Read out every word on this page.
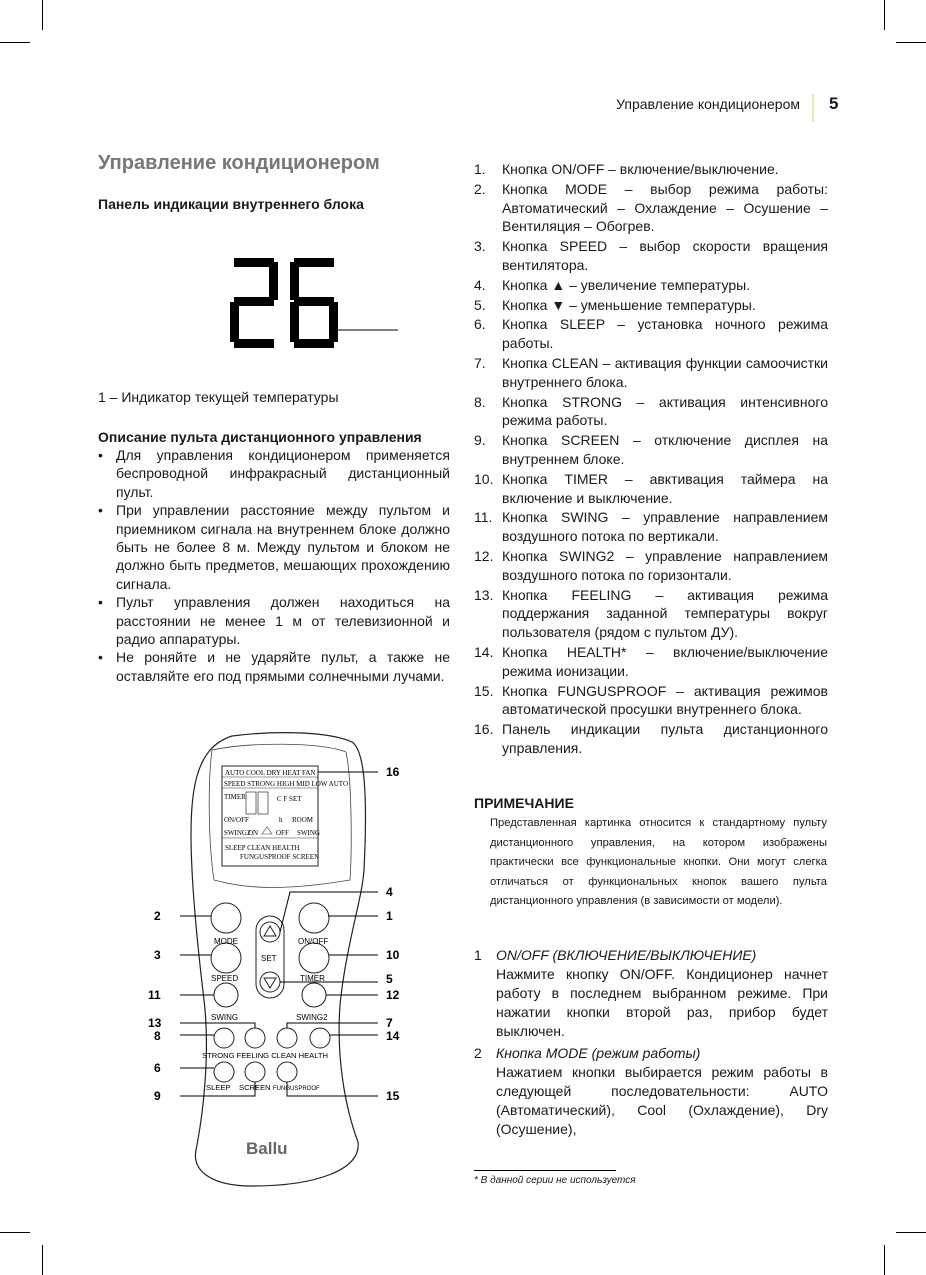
Управление кондиционером 5
Управление кондиционером
Панель индикации внутреннего блока
26
1 – Индикатор текущей температуры
Описание пульта дистанционного управления
• Для управления кондиционером применяется беспроводной инфракрасный дистанционный пульт.
• При управлении расстояние между пультом и приемником сигнала на внутреннем блоке должно быть не более 8 м. Между пультом и блоком не должно быть предметов, мешающих прохождению сигнала.
• Пульт управления должен находиться на расстоянии не менее 1 м от телевизионной и радио аппаратуры.
• Не роняйте и не ударяйте пульт, а также не оставляйте его под прямыми солнечными лучами.
AUTO COOL DRY HEAT FAN
SPEED STRONG HIGH MID LOW AUTO
TIMER	C F SET
ON/OFF	h ROOM
SWING2
ON	OFF SWING
SLEEP CLEAN HEALTH
FUNGUSPROOF SCREEN
SET
MODE	ON/OFF
SPEED	TIMER
SWING	SWING2
STRONG FEELING CLEAN HEALTH
SLEEP SCREEN FUNGUSPROOF
Ballu
16
4
1
2
3	10
5
11	12
13	7
8	14
6
9	15
1. Кнопка ON/OFF – включение/выключение.
2. Кнопка MODE – выбор режима работы: Автоматический – Охлаждение – Осушение – Вентиляция – Обогрев.
3. Кнопка SPEED – выбор скорости вращения вентилятора.
4. Кнопка ▲ – увеличение температуры.
5. Кнопка ▼ – уменьшение температуры.
6. Кнопка SLEEP – установка ночного режима работы.
7. Кнопка CLEAN – активация функции самоочистки внутреннего блока.
8. Кнопка STRONG – активация интенсивного режима работы.
9. Кнопка SCREEN – отключение дисплея на внутреннем блоке.
10. Кнопка TIMER – авктивация таймера на включение и выключение.
11. Кнопка SWING – управление направлением воздушного потока по вертикали.
12. Кнопка SWING2 – управление направлением воздушного потока по горизонтали.
13. Кнопка FEELING – активация режима поддержания заданной температуры вокруг пользователя (рядом с пультом ДУ).
14. Кнопка HEALTH* – включение/выключение режима ионизации.
15. Кнопка FUNGUSPROOF – активация режимов автоматической просушки внутреннего блока.
16. Панель индикации пульта дистанционного управления.
ПРИМЕЧАНИЕ
Представленная картинка относится к стандартному пульту дистанционного управления, на котором изображены практически все функциональные кнопки. Они могут слегка отличаться от функциональных кнопок вашего пульта дистанционного управления (в зависимости от модели).
1 ON/OFF (ВКЛЮЧЕНИЕ/ВЫКЛЮЧЕНИЕ)
Нажмите кнопку ON/OFF. Кондиционер начнет работу в последнем выбранном режиме. При нажатии кнопки второй раз, прибор будет выключен.
2 Кнопка MODE (режим работы)
Нажатием кнопки выбирается режим работы в следующей последовательности: AUTO (Автоматический), Cool (Охлаждение), Dry (Осушение),
* В данной серии не используется
